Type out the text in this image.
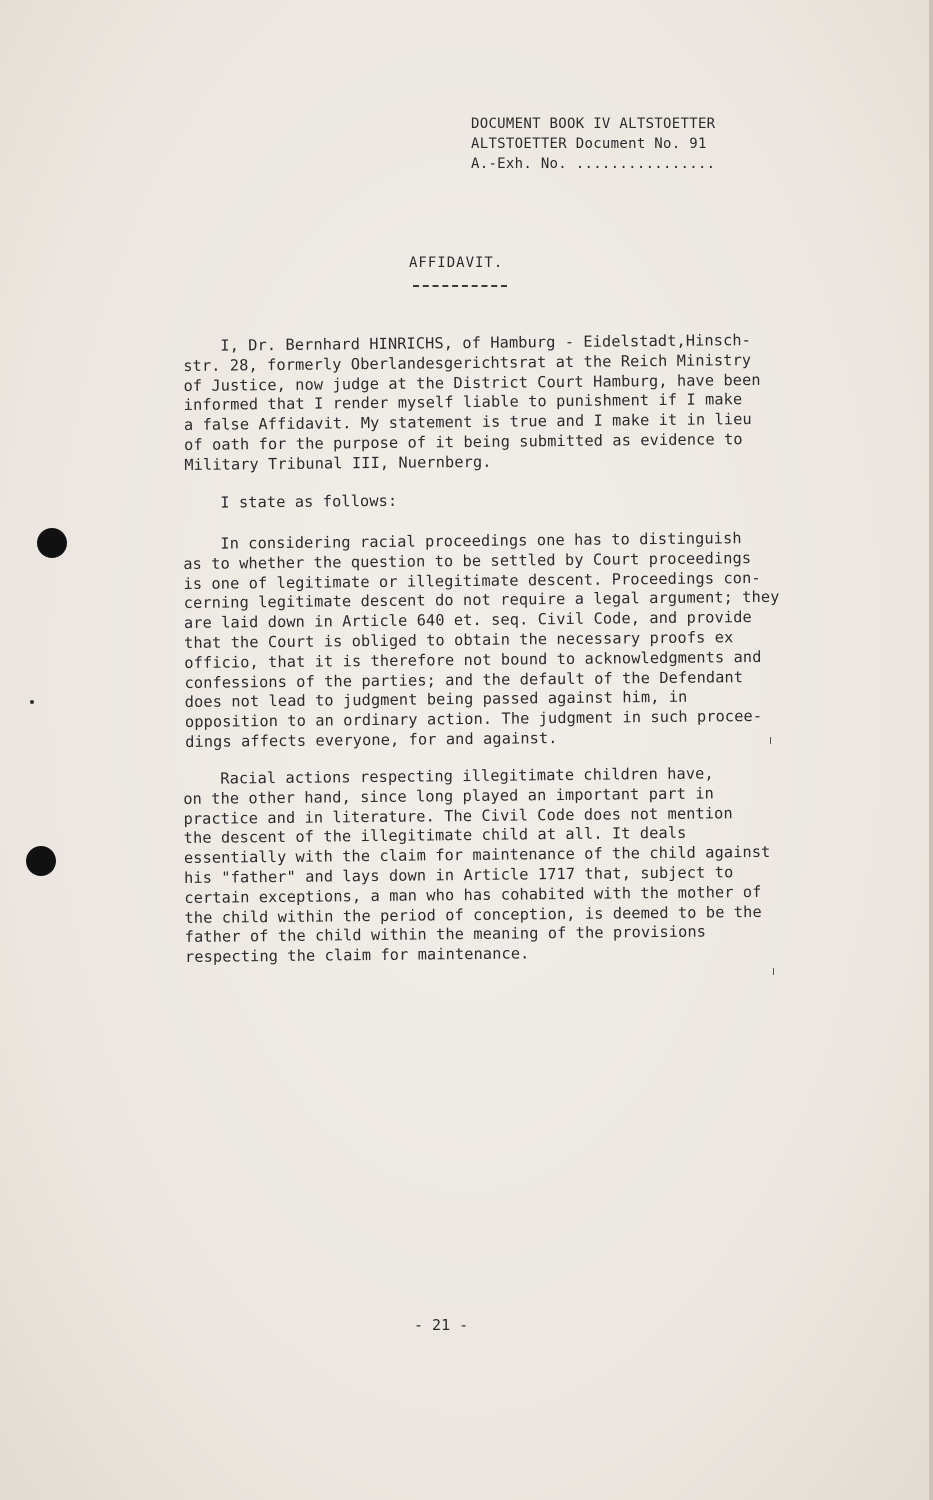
DOCUMENT BOOK IV ALTSTOETTER
ALTSTOETTER Document No. 91
A.-Exh. No. ................
AFFIDAVIT.
I, Dr. Bernhard HINRICHS, of Hamburg - Eidelstadt,Hinsch-
str. 28, formerly Oberlandesgerichtsrat at the Reich Ministry
of Justice, now judge at the District Court Hamburg, have been
informed that I render myself liable to punishment if I make
a false Affidavit. My statement is true and I make it in lieu
of oath for the purpose of it being submitted as evidence to
Military Tribunal III, Nuernberg.
I state as follows:
In considering racial proceedings one has to distinguish
as to whether the question to be settled by Court proceedings
is one of legitimate or illegitimate descent. Proceedings con-
cerning legitimate descent do not require a legal argument; they
are laid down in Article 640 et. seq. Civil Code, and provide
that the Court is obliged to obtain the necessary proofs ex
officio, that it is therefore not bound to acknowledgments and
confessions of the parties; and the default of the Defendant
does not lead to judgment being passed against him, in
opposition to an ordinary action. The judgment in such procee-
dings affects everyone, for and against.
Racial actions respecting illegitimate children have,
on the other hand, since long played an important part in
practice and in literature. The Civil Code does not mention
the descent of the illegitimate child at all. It deals
essentially with the claim for maintenance of the child against
his "father" and lays down in Article 1717 that, subject to
certain exceptions, a man who has cohabited with the mother of
the child within the period of conception, is deemed to be the
father of the child within the meaning of the provisions
respecting the claim for maintenance.
- 21 -
